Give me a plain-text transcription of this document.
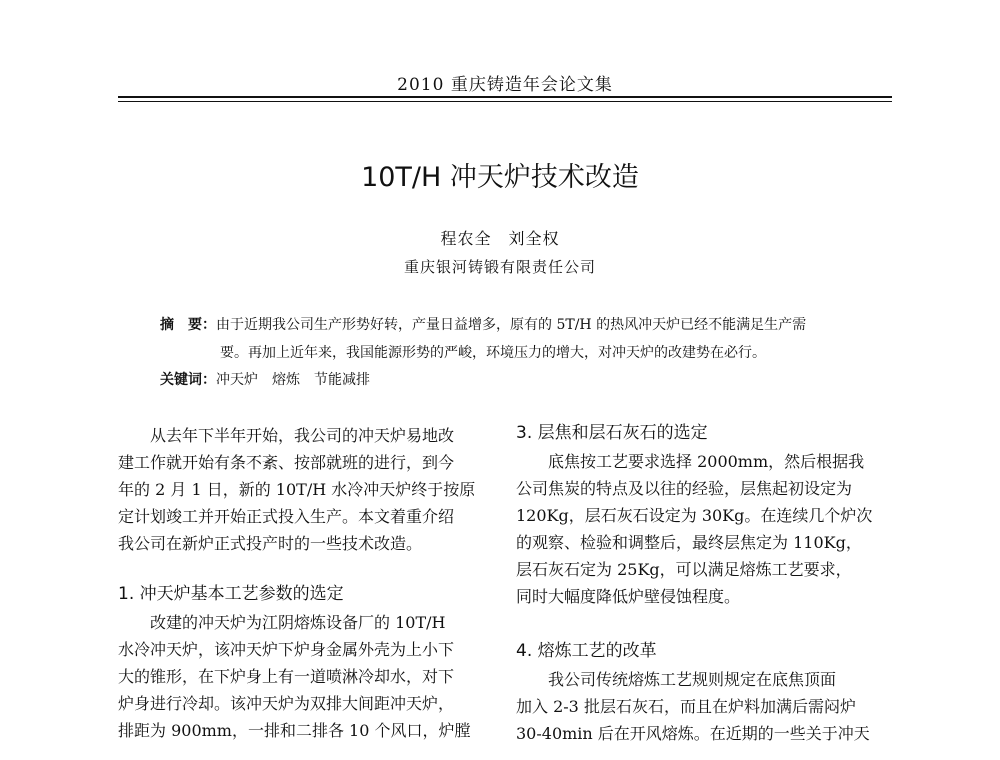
2010 重庆铸造年会论文集
10T/H 冲天炉技术改造
程农全　刘全权
重庆银河铸锻有限责任公司
摘　要：由于近期我公司生产形势好转，产量日益增多，原有的 5T/H 的热风冲天炉已经不能满足生产需
要。再加上近年来，我国能源形势的严峻，环境压力的增大，对冲天炉的改建势在必行。
关键词：冲天炉　熔炼　节能减排

从去年下半年开始，我公司的冲天炉易地改

建工作就开始有条不紊、按部就班的进行，到今

年的 2 月 1 日，新的 10T/H 水冷冲天炉终于按原

定计划竣工并开始正式投入生产。本文着重介绍

我公司在新炉正式投产时的一些技术改造。

1. 冲天炉基本工艺参数的选定

改建的冲天炉为江阴熔炼设备厂的 10T/H

水冷冲天炉，该冲天炉下炉身金属外壳为上小下

大的锥形，在下炉身上有一道喷淋冷却水，对下

炉身进行冷却。该冲天炉为双排大间距冲天炉，

排距为 900mm，一排和二排各 10 个风口，炉膛

3. 层焦和层石灰石的选定

底焦按工艺要求选择 2000mm，然后根据我

公司焦炭的特点及以往的经验，层焦起初设定为

120Kg，层石灰石设定为 30Kg。在连续几个炉次

的观察、检验和调整后，最终层焦定为 110Kg，

层石灰石定为 25Kg，可以满足熔炼工艺要求，

同时大幅度降低炉壁侵蚀程度。

4. 熔炼工艺的改革

我公司传统熔炼工艺规则规定在底焦顶面

加入 2-3 批层石灰石，而且在炉料加满后需闷炉

30-40min 后在开风熔炼。在近期的一些关于冲天
